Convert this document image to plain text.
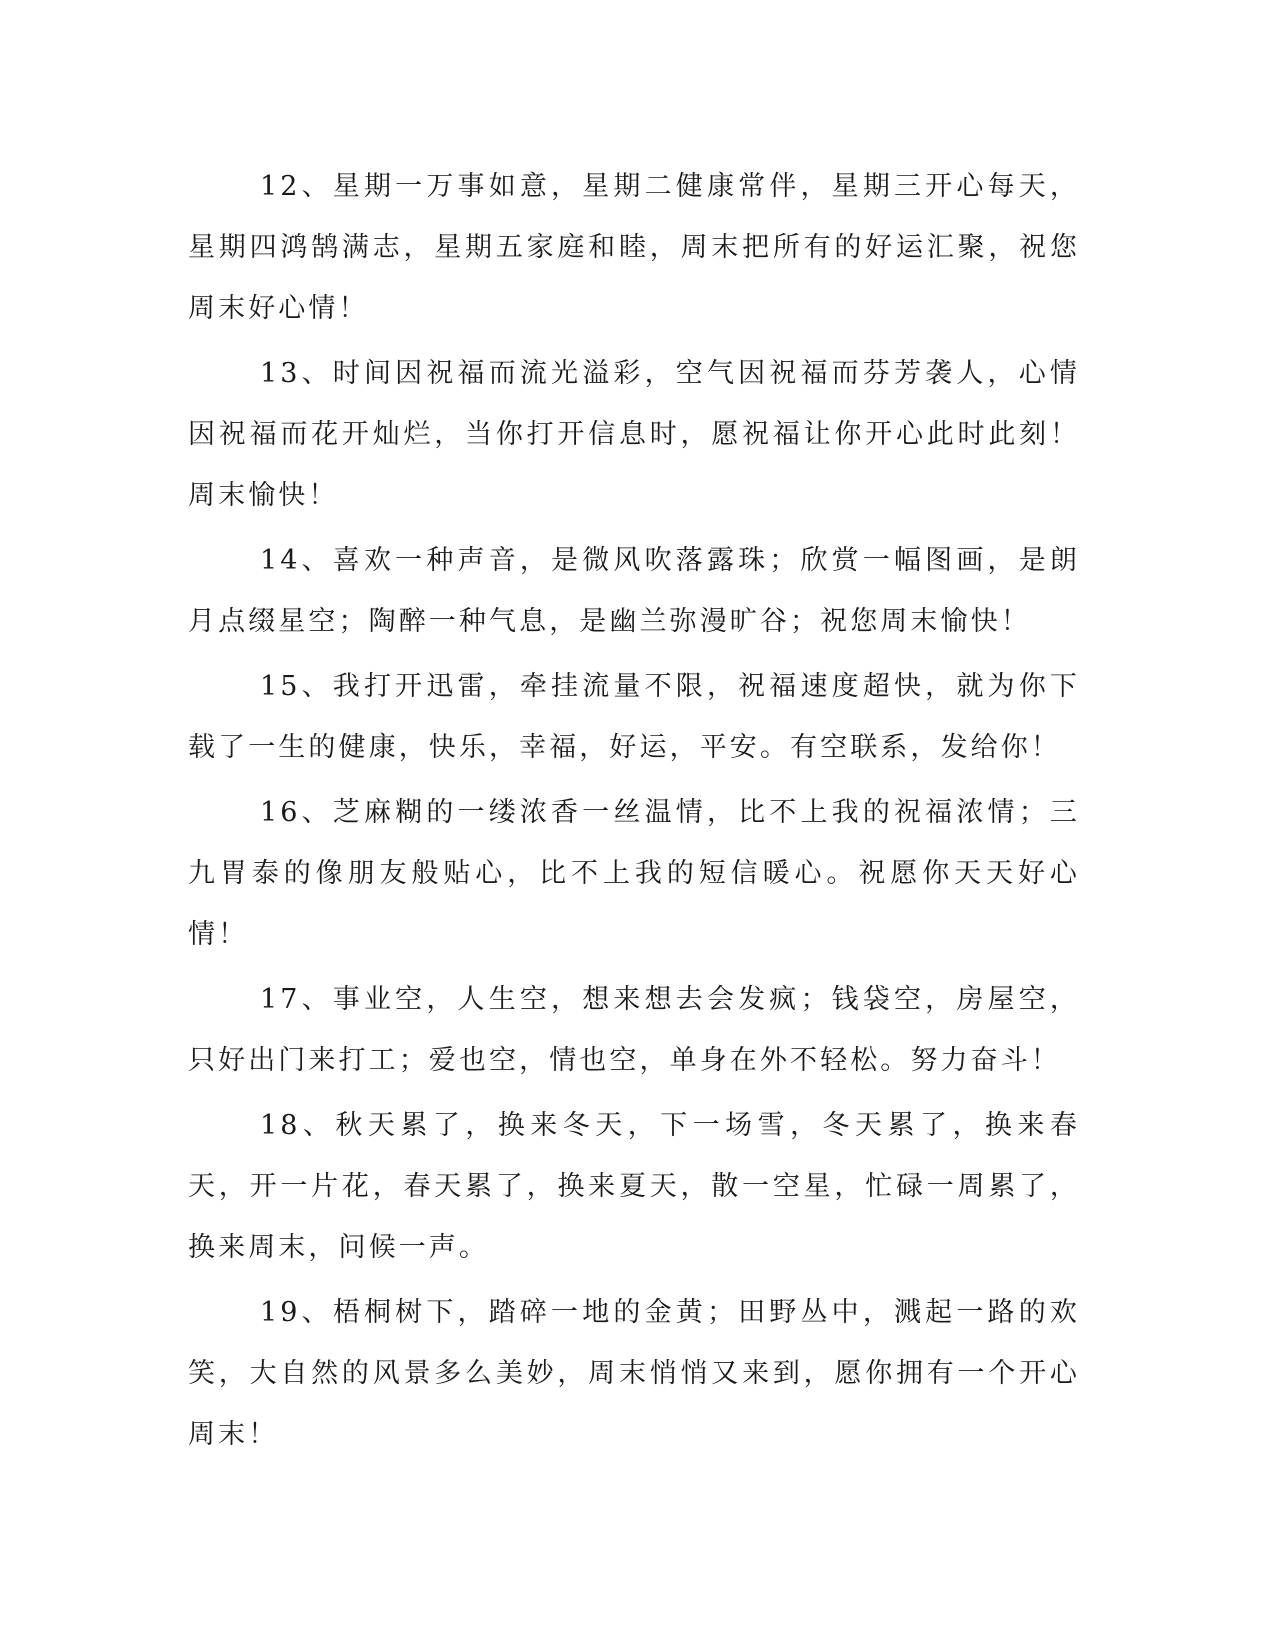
12、星期一万事如意，星期二健康常伴，星期三开心每天，星期四鸿鹄满志，星期五家庭和睦，周末把所有的好运汇聚，祝您周末好心情！

13、时间因祝福而流光溢彩，空气因祝福而芬芳袭人，心情因祝福而花开灿烂，当你打开信息时，愿祝福让你开心此时此刻！周末愉快！

14、喜欢一种声音，是微风吹落露珠；欣赏一幅图画，是朗月点缀星空；陶醉一种气息，是幽兰弥漫旷谷；祝您周末愉快！

15、我打开迅雷，牵挂流量不限，祝福速度超快，就为你下载了一生的健康，快乐，幸福，好运，平安。有空联系，发给你！

16、芝麻糊的一缕浓香一丝温情，比不上我的祝福浓情；三九胃泰的像朋友般贴心，比不上我的短信暖心。祝愿你天天好心情！

17、事业空，人生空，想来想去会发疯；钱袋空，房屋空，只好出门来打工；爱也空，情也空，单身在外不轻松。努力奋斗！

18、秋天累了，换来冬天，下一场雪，冬天累了，换来春天，开一片花，春天累了，换来夏天，散一空星，忙碌一周累了，换来周末，问候一声。

19、梧桐树下，踏碎一地的金黄；田野丛中，溅起一路的欢笑，大自然的风景多么美妙，周末悄悄又来到，愿你拥有一个开心周末！
